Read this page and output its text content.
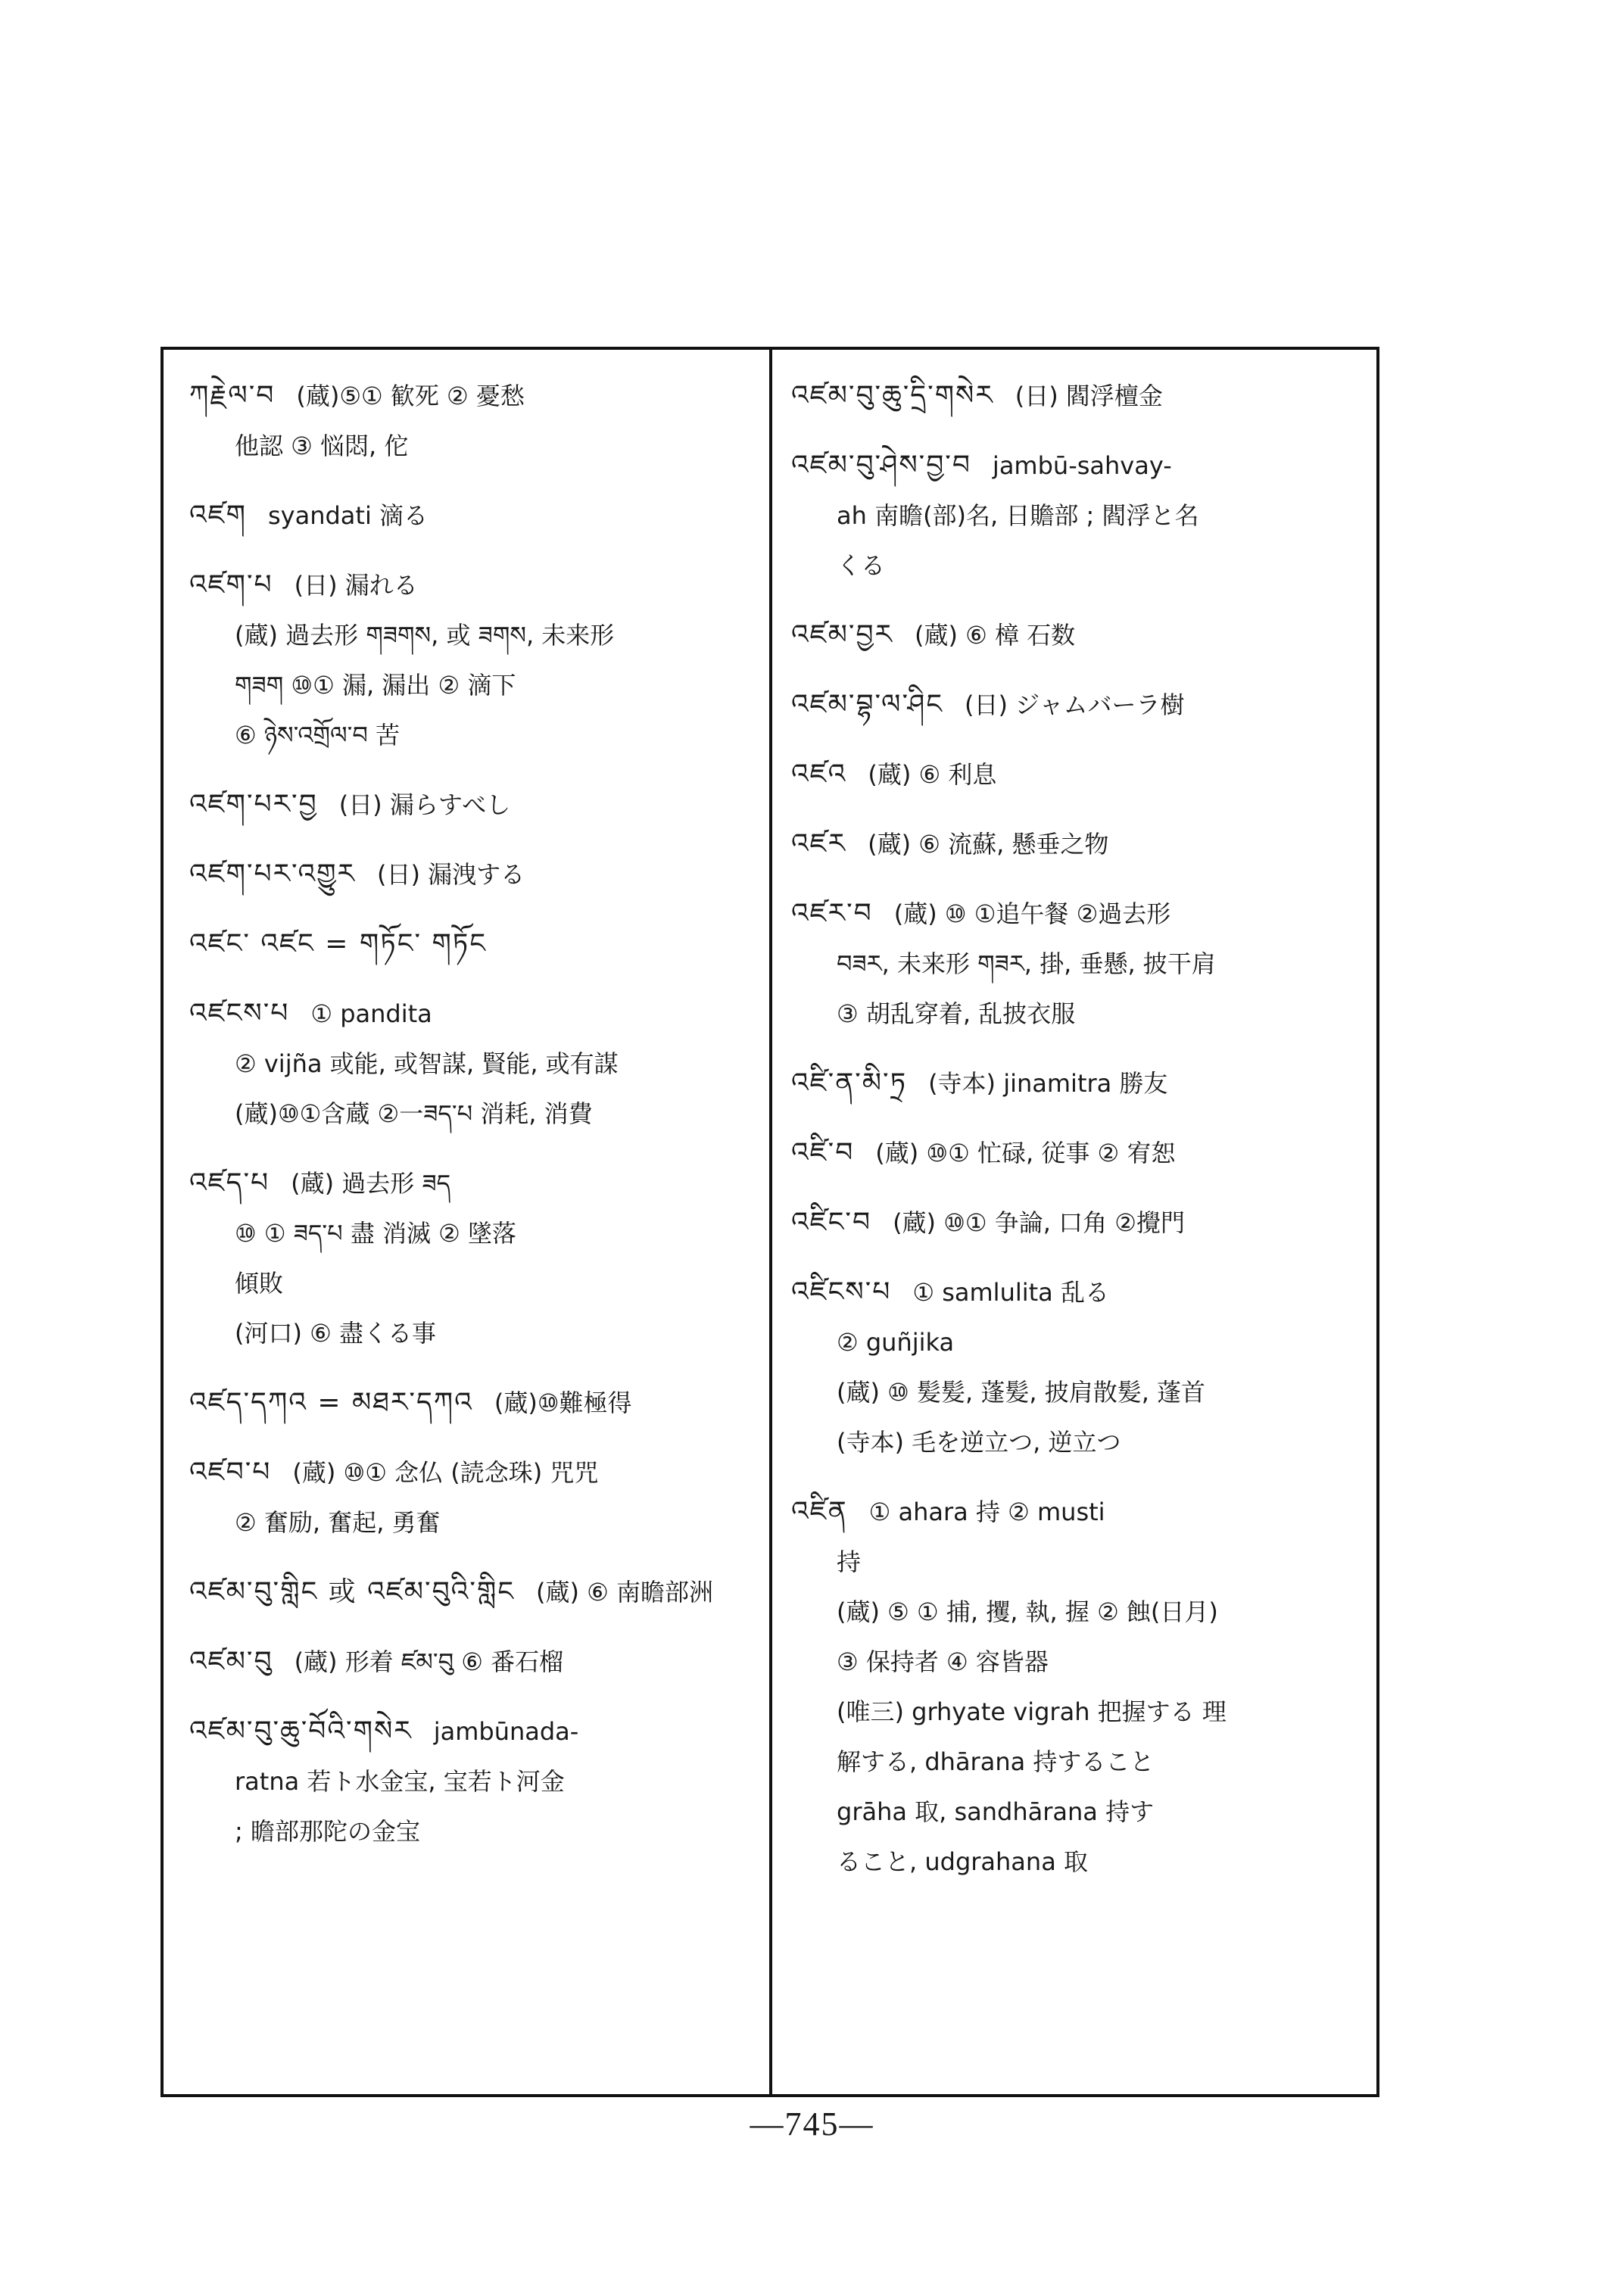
ཀརྗེལ་བ (蔵)⑤① 歓死 ② 憂愁
他認 ③ 悩悶, 佗
འཛག syandati 滴る
འཛག་པ (日) 漏れる
(蔵) 過去形 གཟགས, 或 ཟགས, 未来形
གཟག ⑩① 漏, 漏出 ② 滴下
⑥ ཉེས་འགྲོལ་བ 苦
འཛག་པར་བྱ (日) 漏らすべし
འཛག་པར་འགྱུར (日) 漏洩する
འཛང་ འཛང = གཏོང་ གཏོང
འཛངས་པ ① pandita
② vijña 或能, 或智謀, 賢能, 或有謀
(蔵)⑩①含蔵 ②一ཟད་པ 消耗, 消費
འཛད་པ (蔵) 過去形 ཟད
⑩ ① ཟད་པ 盡 消滅 ② 墜落
傾敗
(河口) ⑥ 盡くる事
འཛད་དཀའ = མཐར་དཀའ (蔵)⑩難極得
འཛབ་པ (蔵) ⑩① 念仏 (読念珠) 咒咒
② 奮励, 奮起, 勇奮
འཛམ་བུ་གླིང 或 འཛམ་བུའི་གླིང (蔵) ⑥ 南瞻部洲
འཛམ་བུ (蔵) 形着 ཛམ་བུ ⑥ 番石榴
འཛམ་བུ་ཆུ་བོའི་གསེར jambūnada-
ratna 若ト水金宝, 宝若ト河金
; 瞻部那陀の金宝
འཛམ་བུ་ཆུ་དྲི་གསེར (日) 閻浮檀金
འཛམ་བུ་ཤེས་བྱ་བ jambū-sahvay-
ah 南瞻(部)名, 日贍部 ; 閻浮と名
くる
འཛམ་བྱར (蔵) ⑥ 樟 石数
འཛམ་བྷ་ལ་ཤིང (日) ジャムバーラ樹
འཛའ (蔵) ⑥ 利息
འཛར (蔵) ⑥ 流蘇, 懸垂之物
འཛར་བ (蔵) ⑩ ①追午餐 ②過去形
བཟར, 未来形 གཟར, 掛, 垂懸, 披干肩
③ 胡乱穿着, 乱披衣服
འཛི་ན་མི་ཏྲ (寺本) jinamitra 勝友
འཛི་བ (蔵) ⑩① 忙碌, 従事 ② 宥恕
འཛིང་བ (蔵) ⑩① 争論, 口角 ②攪門
འཛིངས་པ ① samlulita 乱る
② guñjika
(蔵) ⑩ 髪髪, 蓬髪, 披肩散髪, 蓬首
(寺本) 毛を逆立つ, 逆立つ
འཛིན ① ahara 持 ② musti
持
(蔵) ⑤ ① 捕, 攫, 執, 握 ② 蝕(日月)
③ 保持者 ④ 容皆器
(唯三) grhyate vigrah 把握する 理
解する, dhārana 持すること
grāha 取, sandhārana 持す
ること, udgrahana 取
—745—
